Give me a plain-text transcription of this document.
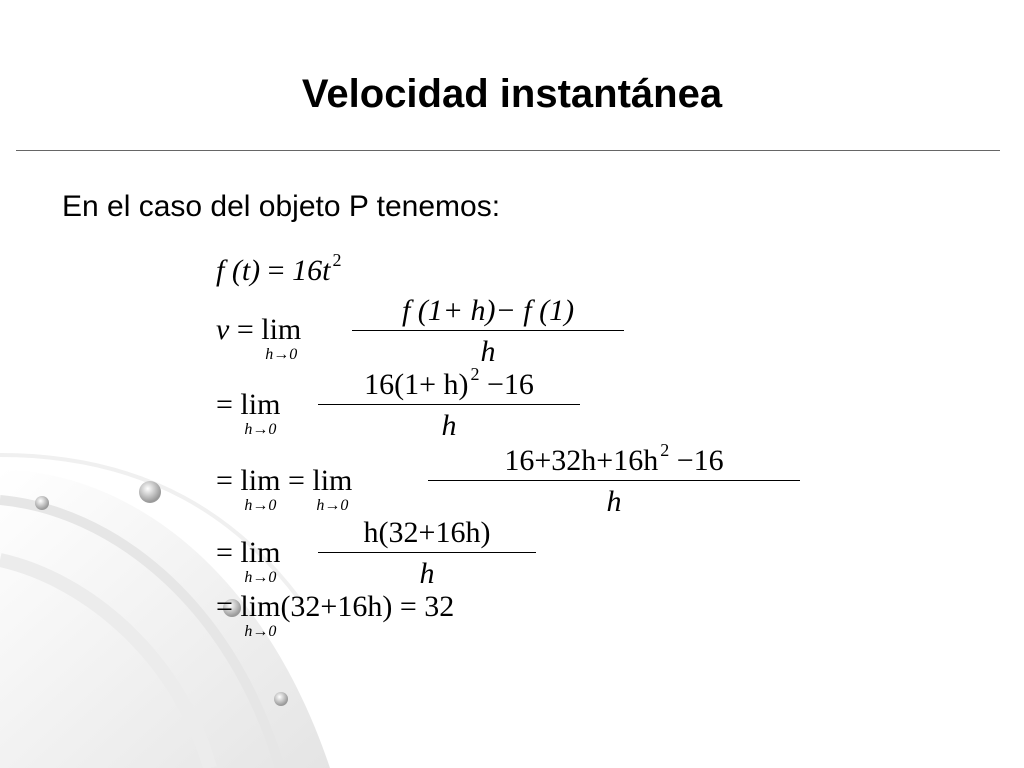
Velocidad instantánea
En el caso del objeto P tenemos:
f (t) = 16t $^2$
v = lim
h→0
f (1+ h)− f (1)
h
= lim
h→0
16(1+ h) $^2$ −16
h
= lim
h→0
= lim
h→0
16+32h+16h $^2$ −16
h
= lim
h→0
h(32+16h)
h
= lim
h→0
(32+16h) = 32
